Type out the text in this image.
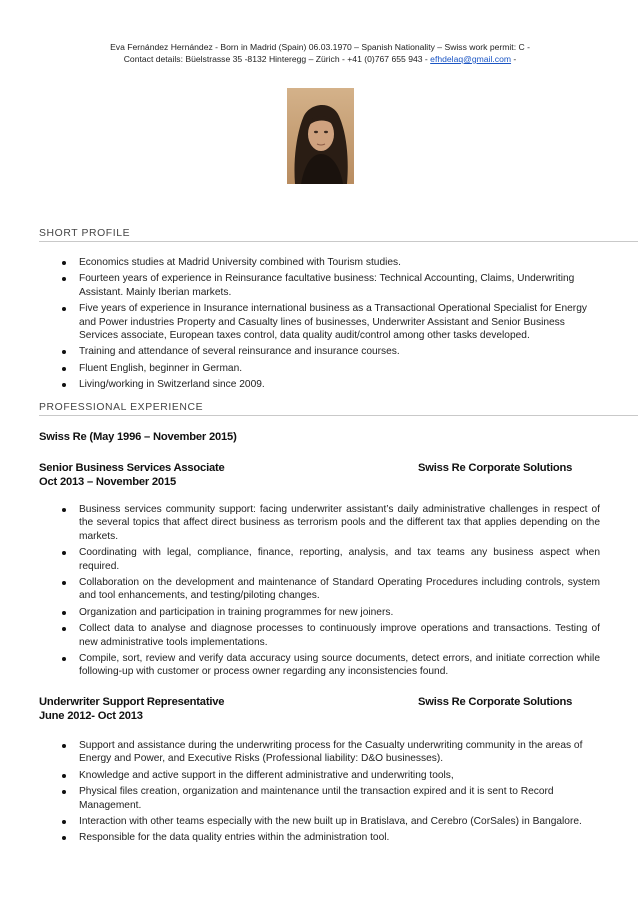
Eva Fernández Hernández - Born in Madrid (Spain) 06.03.1970 – Spanish Nationality – Swiss work permit: C -
Contact details: Büelstrasse 35 -8132 Hinteregg – Zürich - +41 (0)767 655 943 - efhdelaq@gmail.com -
SHORT PROFILE
Economics studies at Madrid University combined with Tourism studies.
Fourteen years of experience in Reinsurance facultative business: Technical Accounting, Claims, Underwriting Assistant. Mainly Iberian markets.
Five years of experience in Insurance international business as a Transactional Operational Specialist for Energy and Power industries Property and Casualty lines of businesses, Underwriter Assistant and Senior Business Services associate, European taxes control, data quality audit/control among other tasks developed.
Training and attendance of several reinsurance and insurance courses.
Fluent English, beginner in German.
Living/working in Switzerland since 2009.
PROFESSIONAL EXPERIENCE
Swiss Re (May 1996 – November 2015)
Senior Business Services Associate	Swiss Re Corporate Solutions
Oct 2013 – November 2015
Business services community support: facing underwriter assistant’s daily administrative challenges in respect of the several topics that affect direct business as terrorism pools and the different tax that applies depending on the markets.
Coordinating with legal, compliance, finance, reporting, analysis, and tax teams any business aspect when required.
Collaboration on the development and maintenance of Standard Operating Procedures including controls, system and tool enhancements, and testing/piloting changes.
Organization and participation in training programmes for new joiners.
Collect data to analyse and diagnose processes to continuously improve operations and transactions. Testing of new administrative tools implementations.
Compile, sort, review and verify data accuracy using source documents, detect errors, and initiate correction while following-up with customer or process owner regarding any inconsistencies found.
Underwriter Support Representative	Swiss Re Corporate Solutions
June 2012- Oct 2013
Support and assistance during the underwriting process for the Casualty underwriting community in the areas of Energy and Power, and Executive Risks (Professional liability: D&O businesses).
Knowledge and active support in the different administrative and underwriting tools,
Physical files creation, organization and maintenance until the transaction expired and it is sent to Record Management.
Interaction with other teams especially with the new built up in Bratislava, and Cerebro (CorSales) in Bangalore.
Responsible for the data quality entries within the administration tool.
